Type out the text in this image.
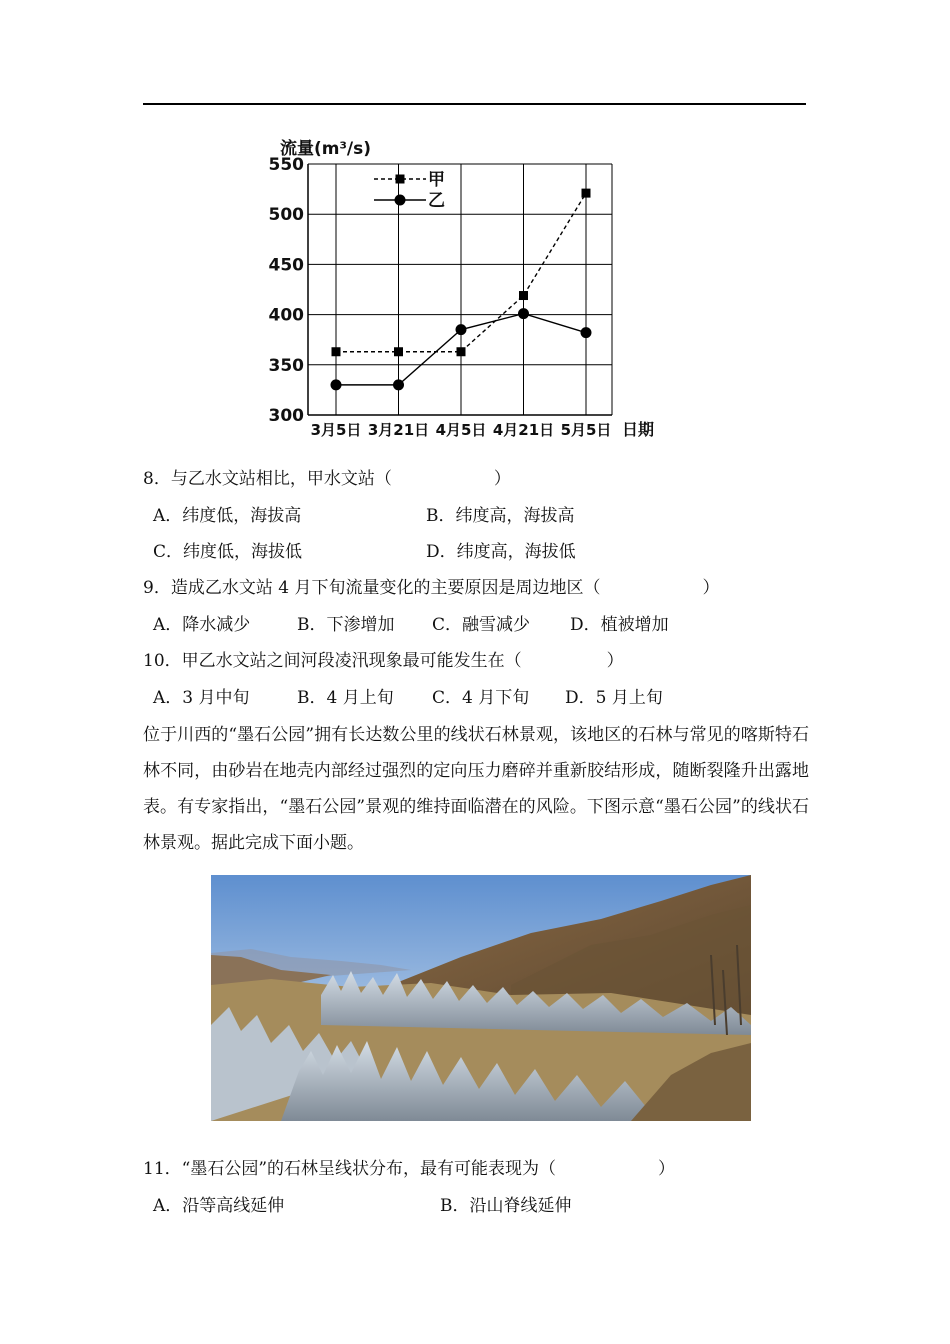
550
500
450
400
350
300
3月5日 3月21日 4月5日 4月21日 5月5日
流量(m³/s)
日期
甲
乙
8．与乙水文站相比，甲水文站（　　　　　　）
A．纬度低，海拔高	B．纬度高，海拔高
C．纬度低，海拔低	D．纬度高，海拔低
9．造成乙水文站 4 月下旬流量变化的主要原因是周边地区（　　　　　　）
A．降水减少	B．下渗增加 C．融雪减少 D．植被增加
10．甲乙水文站之间河段凌汛现象最可能发生在（　　　　　）
A．3 月中旬	B．4 月上旬 C．4 月下旬 D．5 月上旬
位于川西的“墨石公园”拥有长达数公里的线状石林景观，该地区的石林与常见的喀斯特石林不同，由砂岩在地壳内部经过强烈的定向压力磨碎并重新胶结形成，随断裂隆升出露地表。有专家指出，“墨石公园”景观的维持面临潜在的风险。下图示意“墨石公园”的线状石林景观。据此完成下面小题。
11．“墨石公园”的石林呈线状分布，最有可能表现为（　　　　　　）
A．沿等高线延伸	B．沿山脊线延伸
